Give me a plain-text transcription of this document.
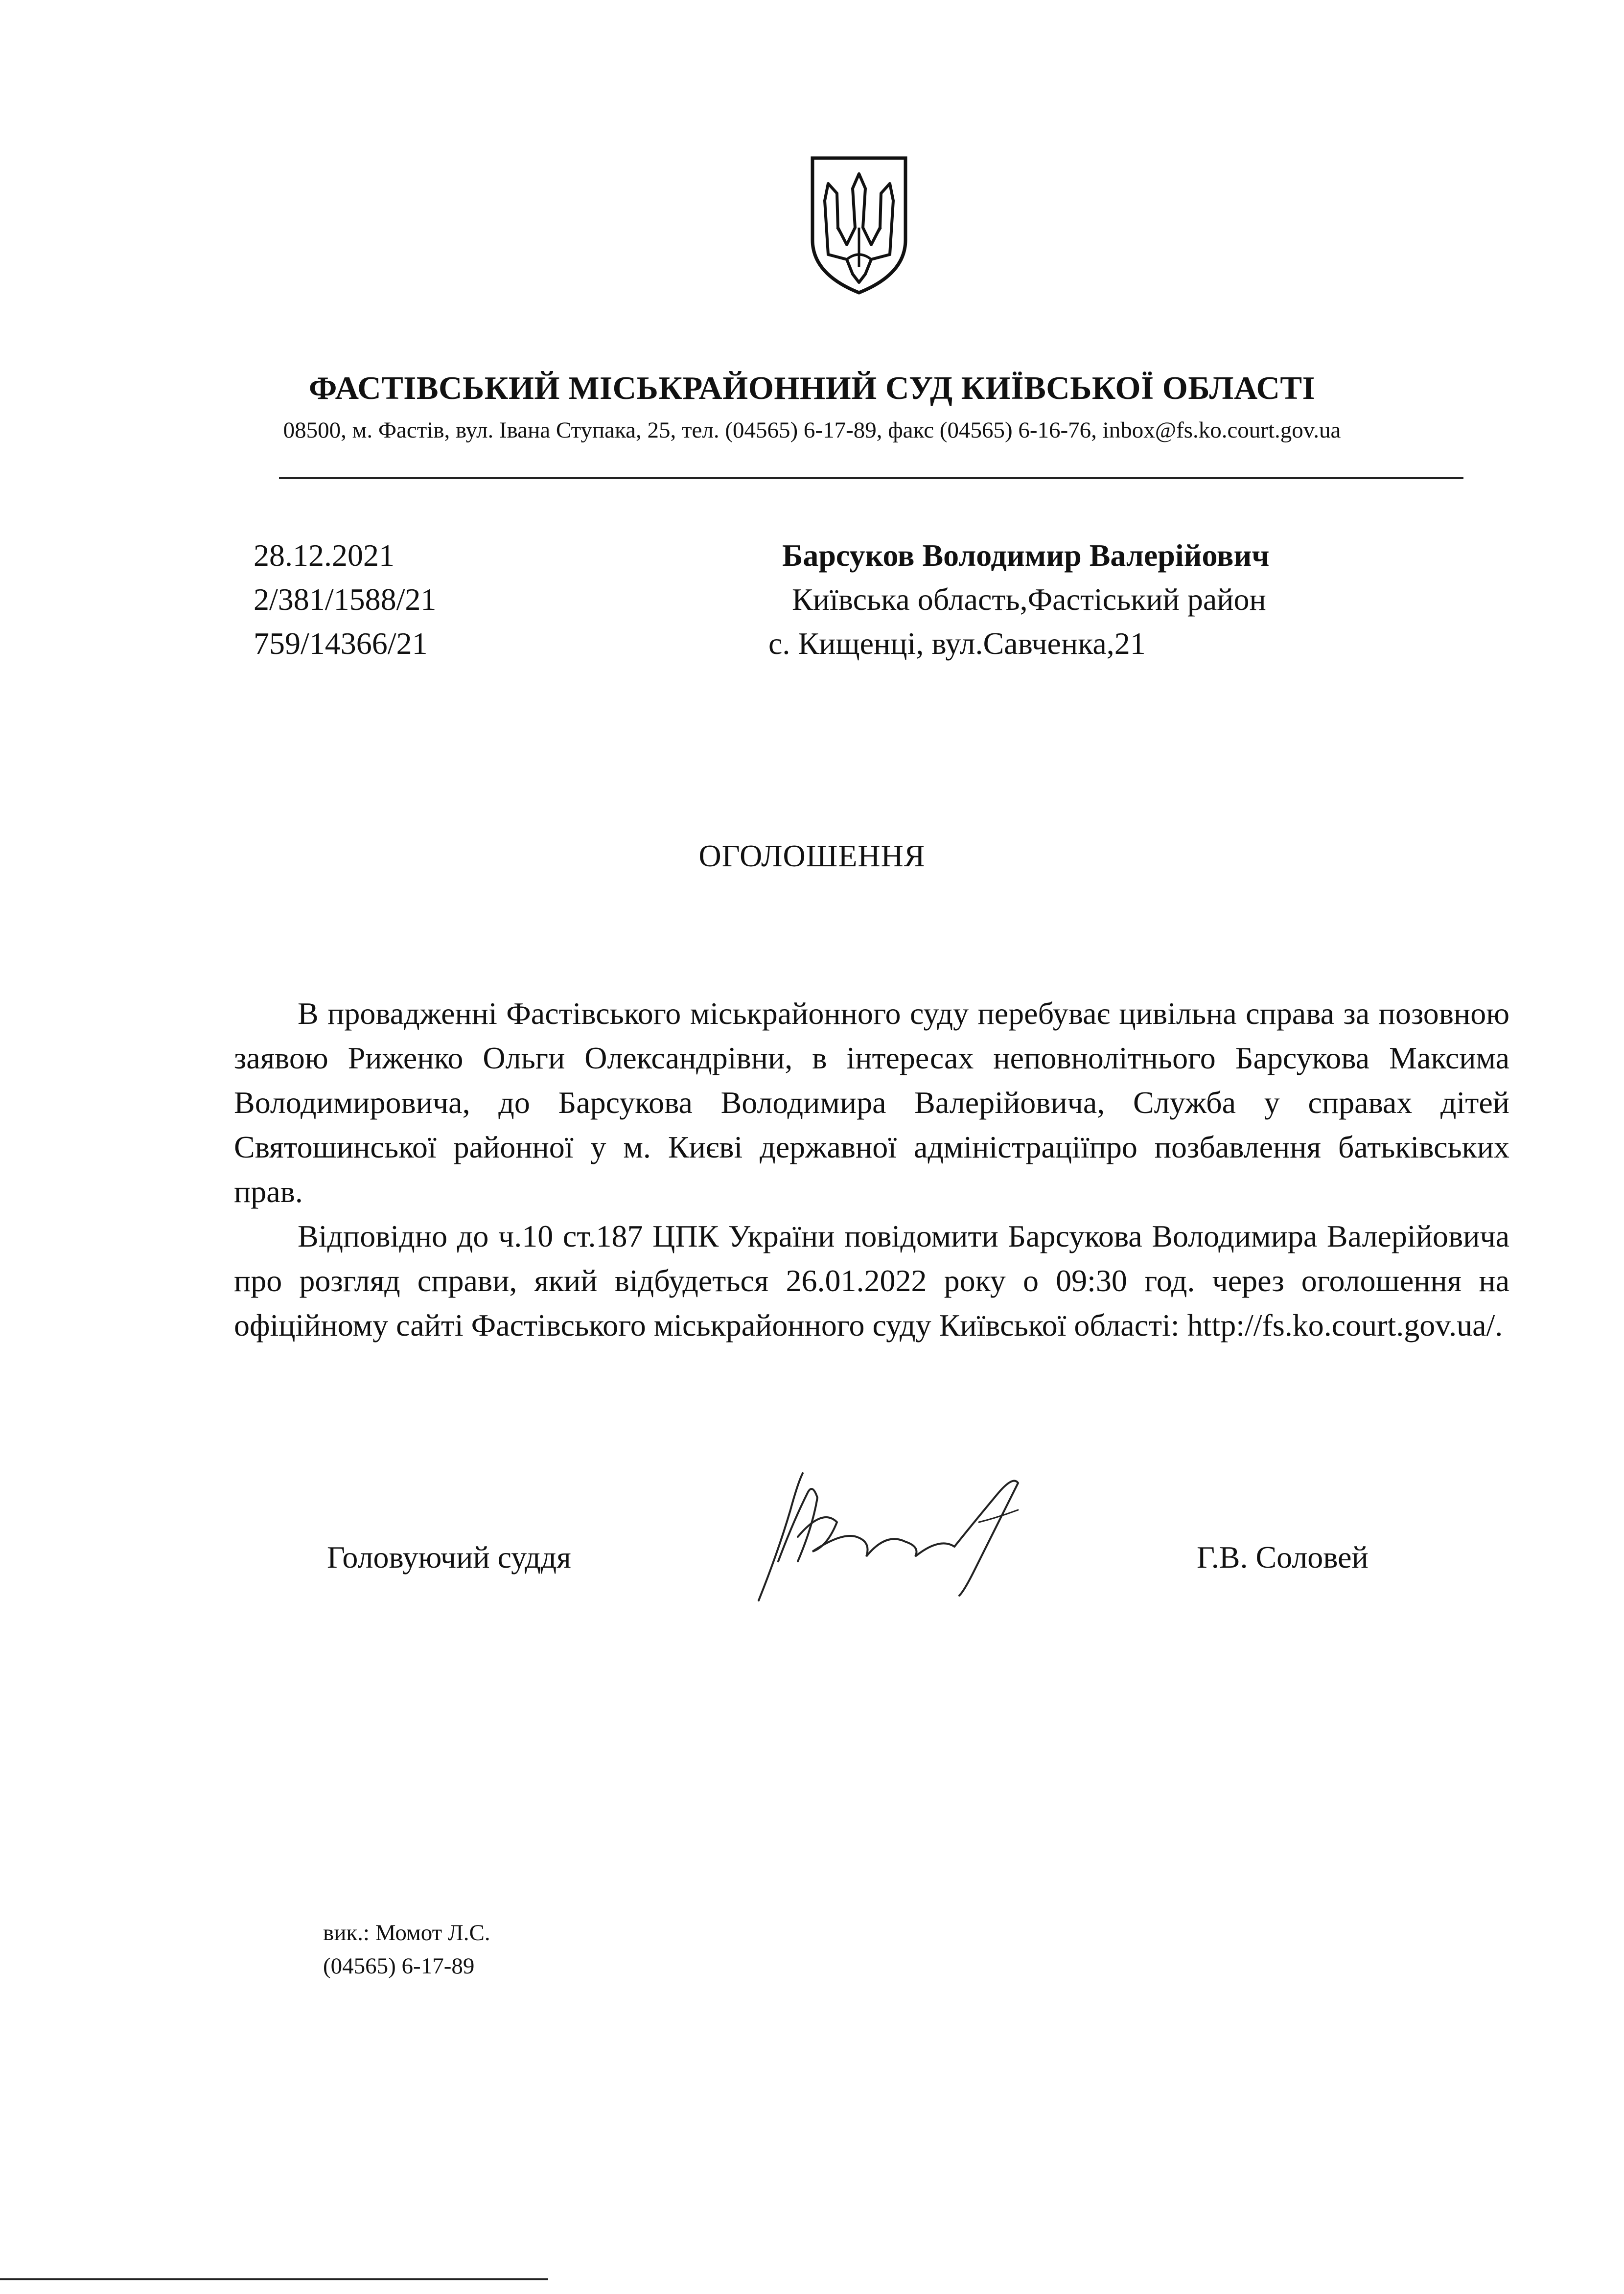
ФАСТІВСЬКИЙ МІСЬКРАЙОННИЙ СУД КИЇВСЬКОЇ ОБЛАСТІ
08500, м. Фастів, вул. Івана Ступака, 25, тел. (04565) 6-17-89, факс (04565) 6-16-76, inbox@fs.ko.court.gov.ua
28.12.2021
2/381/1588/21
759/14366/21
Барсуков Володимир Валерійович
Київська область,Фастіський район
с. Кищенці, вул.Савченка,21
ОГОЛОШЕННЯ

В провадженні Фастівського міськрайонного суду перебуває цивільна справа за позовною заявою Риженко Ольги Олександрівни, в інтересах неповнолітнього Барсукова Максима Володимировича, до Барсукова Володимира Валерійовича, Служба у справах дітей Святошинської районної у м. Києві державної адміністраціїпро позбавлення батьківських прав.

Відповідно до ч.10 ст.187 ЦПК України повідомити Барсукова Володимира Валерійовича про розгляд справи, який відбудеться 26.01.2022 року о 09:30 год. через оголошення на офіційному сайті Фастівського міськрайонного суду Київської області: http://fs.ko.court.gov.ua/.

Головуючий суддя	Г.В. Соловей
вик.: Момот Л.С.
(04565) 6-17-89
